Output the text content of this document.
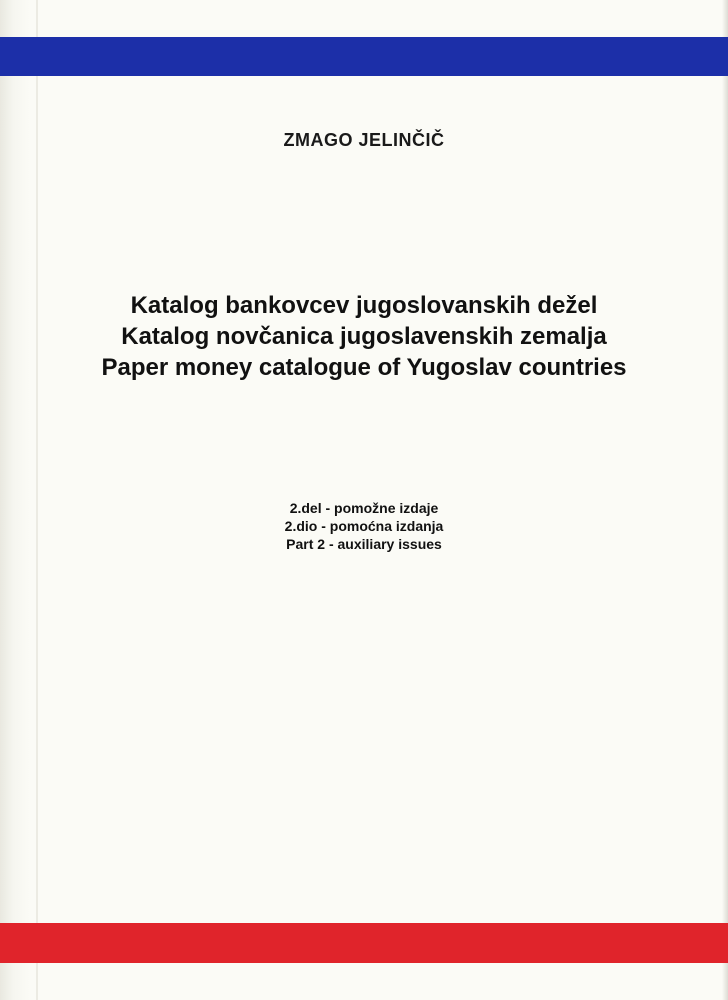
ZMAGO JELINČIČ
Katalog bankovcev jugoslovanskih dežel
Katalog novčanica jugoslavenskih zemalja
Paper money catalogue of Yugoslav countries
2.del - pomožne izdaje
2.dio - pomoćna izdanja
Part 2 - auxiliary issues
